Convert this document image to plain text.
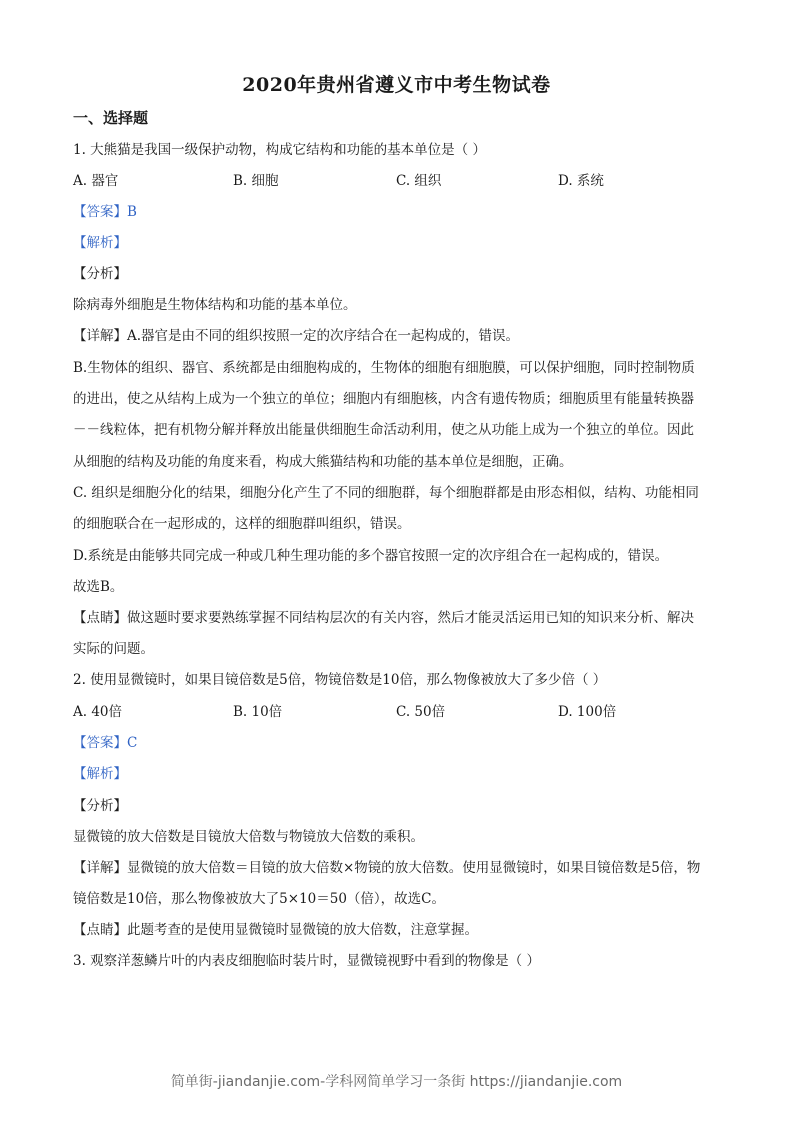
2020年贵州省遵义市中考生物试卷
一、选择题
1. 大熊猫是我国一级保护动物，构成它结构和功能的基本单位是（ ）
A. 器官	B. 细胞	C. 组织	D. 系统
【答案】B
【解析】
【分析】
除病毒外细胞是生物体结构和功能的基本单位。
【详解】A.器官是由不同的组织按照一定的次序结合在一起构成的，错误。
B.生物体的组织、器官、系统都是由细胞构成的，生物体的细胞有细胞膜，可以保护细胞，同时控制物质
的进出，使之从结构上成为一个独立的单位；细胞内有细胞核，内含有遗传物质；细胞质里有能量转换器
－－线粒体，把有机物分解并释放出能量供细胞生命活动利用，使之从功能上成为一个独立的单位。因此
从细胞的结构及功能的角度来看，构成大熊猫结构和功能的基本单位是细胞，正确。
C. 组织是细胞分化的结果，细胞分化产生了不同的细胞群，每个细胞群都是由形态相似，结构、功能相同
的细胞联合在一起形成的，这样的细胞群叫组织，错误。
D.系统是由能够共同完成一种或几种生理功能的多个器官按照一定的次序组合在一起构成的，错误。
故选B。
【点睛】做这题时要求要熟练掌握不同结构层次的有关内容，然后才能灵活运用已知的知识来分析、解决
实际的问题。
2. 使用显微镜时，如果目镜倍数是5倍，物镜倍数是10倍，那么物像被放大了多少倍（ ）
A. 40倍	B. 10倍	C. 50倍	D. 100倍
【答案】C
【解析】
【分析】
显微镜的放大倍数是目镜放大倍数与物镜放大倍数的乘积。
【详解】显微镜的放大倍数＝目镜的放大倍数×物镜的放大倍数。使用显微镜时，如果目镜倍数是5倍，物
镜倍数是10倍，那么物像被放大了5×10＝50（倍），故选C。
【点睛】此题考查的是使用显微镜时显微镜的放大倍数，注意掌握。
3. 观察洋葱鳞片叶的内表皮细胞临时装片时，显微镜视野中看到的物像是（ ）
简单街-jiandanjie.com-学科网简单学习一条街 https://jiandanjie.com
